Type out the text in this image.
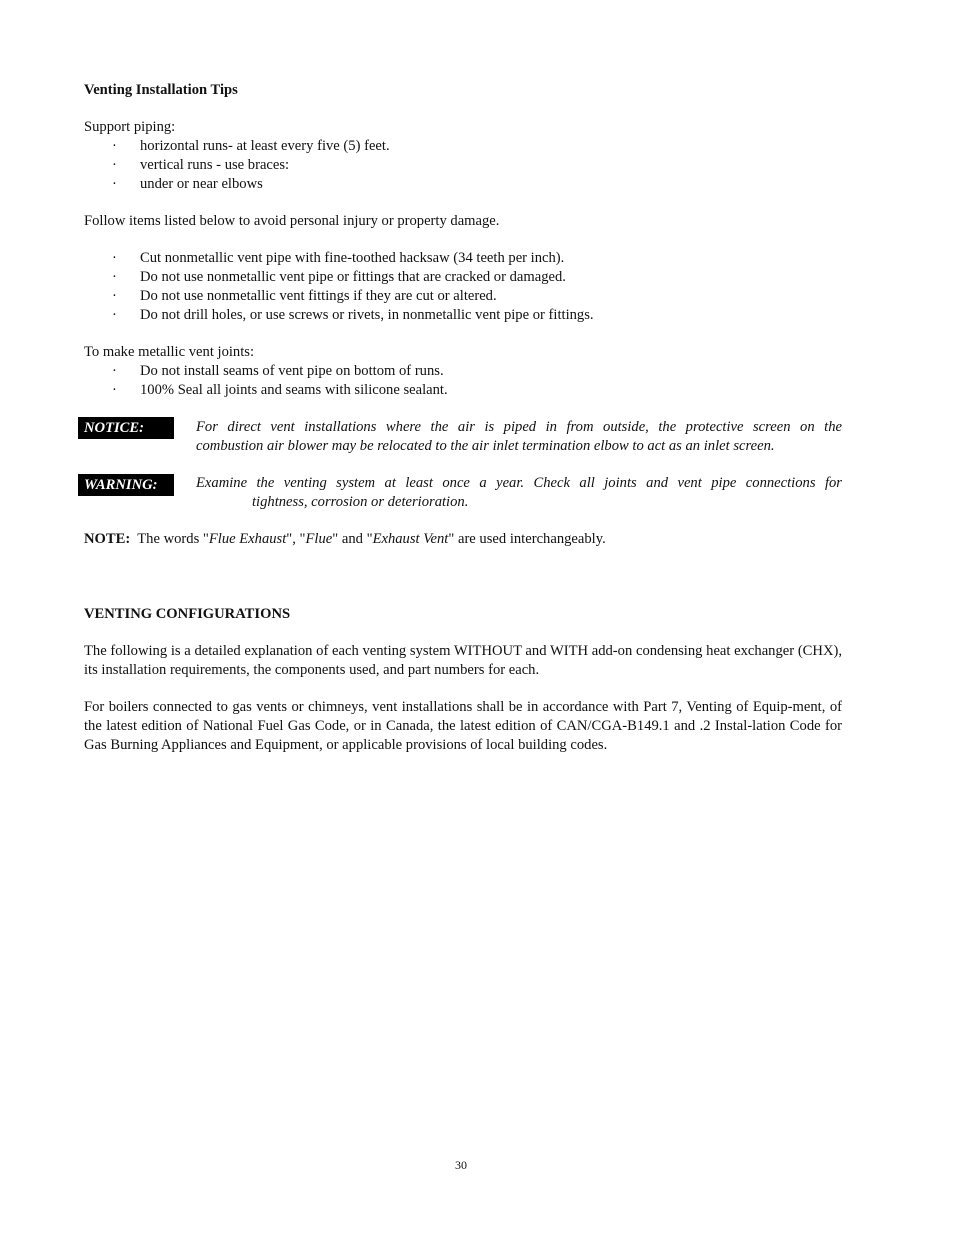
Venting Installation Tips
Support piping:
· horizontal runs- at least every five (5) feet.
· vertical runs - use braces:
· under or near elbows
Follow items listed below to avoid personal injury or property damage.
· Cut nonmetallic vent pipe with fine-toothed hacksaw (34 teeth per inch).
· Do not use nonmetallic vent pipe or fittings that are cracked or damaged.
· Do not use nonmetallic vent fittings if they are cut or altered.
· Do not drill holes, or use screws or rivets, in nonmetallic vent pipe or fittings.
To make metallic vent joints:
· Do not install seams of vent pipe on bottom of runs.
· 100% Seal all joints and seams with silicone sealant.
NOTICE:	For direct vent installations where the air is piped in from outside, the protective screen on the
combustion air blower may be relocated to the air inlet termination elbow to act as an inlet screen.
WARNING:	Examine the venting system at least once a year. Check all joints and vent pipe connections for
tightness, corrosion or deterioration.
NOTE:  The words "Flue Exhaust", "Flue" and "Exhaust Vent" are used interchangeably.
VENTING CONFIGURATIONS
The following is a detailed explanation of each venting system WITHOUT and WITH add-on condensing heat exchanger (CHX), its installation requirements, the components used, and part numbers for each.
For boilers connected to gas vents or chimneys, vent installations shall be in accordance with Part 7, Venting of Equip-ment, of the latest edition of National Fuel Gas Code, or in Canada, the latest edition of CAN/CGA-B149.1 and .2 Instal-lation Code for Gas Burning Appliances and Equipment, or applicable provisions of local building codes.
30
